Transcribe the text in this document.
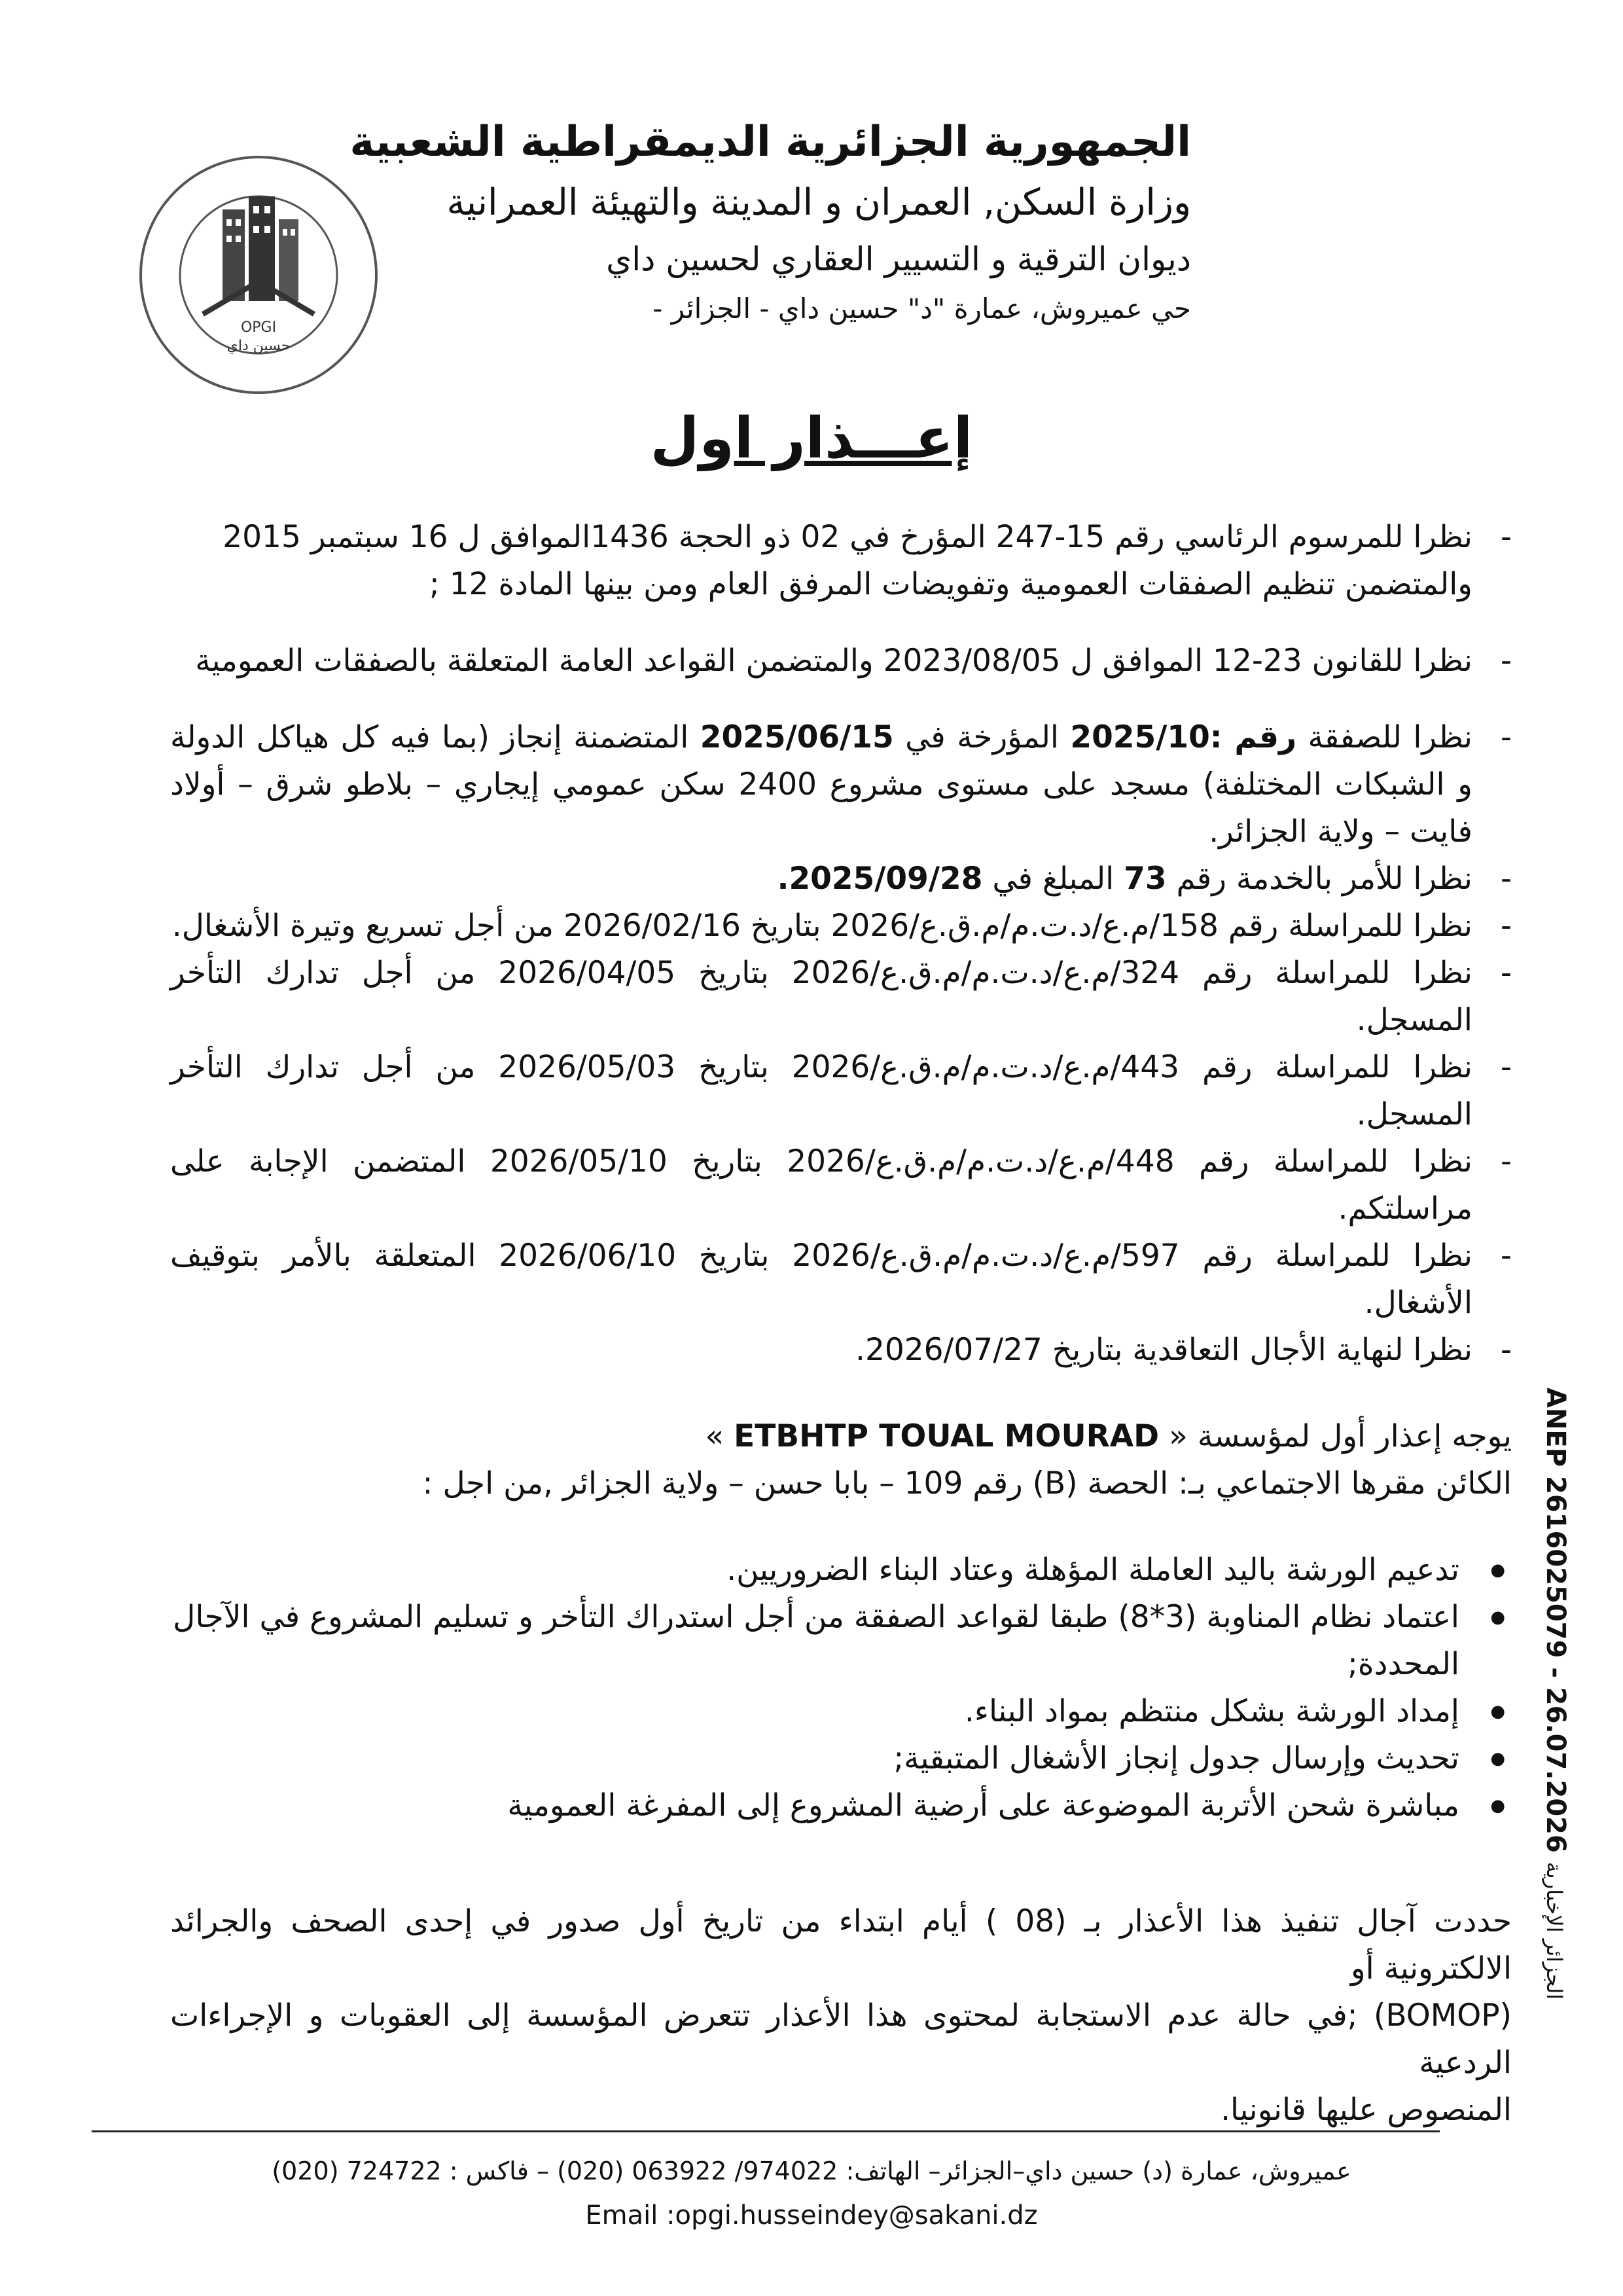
OPGI
حسين داي

الجمهورية الجزائرية الديمقراطية الشعبية

وزارة السكن, العمران و المدينة والتهيئة العمرانية

ديوان الترقية و التسيير العقاري لحسين داي

حي عميروش، عمارة "د" حسين داي - الجزائر -

إعـــذار اول

- نظرا للمرسوم الرئاسي رقم 15-247 المؤرخ في 02 ذو الحجة 1436الموافق ل 16 سبتمبر 2015
والمتضمن تنظيم الصفقات العمومية وتفويضات المرفق العام ومن بينها المادة 12 ;

- نظرا للقانون 23-12 الموافق ل 2023/08/05 والمتضمن القواعد العامة المتعلقة بالصفقات العمومية

- نظرا للصفقة رقم :2025/10 المؤرخة في 2025/06/15 المتضمنة إنجاز (بما فيه كل هياكل الدولة و الشبكات المختلفة) مسجد على مستوى مشروع 2400 سكن عمومي إيجاري – بلاطو شرق – أولاد فايت – ولاية الجزائر.

- نظرا للأمر بالخدمة رقم 73 المبلغ في 2025/09/28.

- نظرا للمراسلة رقم 158/م.ع/د.ت.م/م.ق.ع/2026 بتاريخ 2026/02/16 من أجل تسريع وتيرة الأشغال.

- نظرا للمراسلة رقم 324/م.ع/د.ت.م/م.ق.ع/2026 بتاريخ 2026/04/05 من أجل تدارك التأخر المسجل.

- نظرا للمراسلة رقم 443/م.ع/د.ت.م/م.ق.ع/2026 بتاريخ 2026/05/03 من أجل تدارك التأخر المسجل.

- نظرا للمراسلة رقم 448/م.ع/د.ت.م/م.ق.ع/2026 بتاريخ 2026/05/10 المتضمن الإجابة على مراسلتكم.

- نظرا للمراسلة رقم 597/م.ع/د.ت.م/م.ق.ع/2026 بتاريخ 2026/06/10 المتعلقة بالأمر بتوقيف الأشغال.

- نظرا لنهاية الأجال التعاقدية بتاريخ 2026/07/27.

يوجه إعذار أول لمؤسسة « ETBHTP TOUAL MOURAD »

الكائن مقرها الاجتماعي بـ: الحصة (B) رقم 109 – بابا حسن – ولاية الجزائر ,من اجل :

● تدعيم الورشة باليد العاملة المؤهلة وعتاد البناء الضروريين.

● اعتماد نظام المناوبة (3*8) طبقا لقواعد الصفقة من أجل استدراك التأخر و تسليم المشروع في الآجال المحددة;

● إمداد الورشة بشكل منتظم بمواد البناء.

● تحديث وإرسال جدول إنجاز الأشغال المتبقية;

● مباشرة شحن الأتربة الموضوعة على أرضية المشروع إلى المفرغة العمومية

حددت آجال تنفيذ هذا الأعذار بـ (08 ) أيام ابتداء من تاريخ أول صدور في إحدى الصحف والجرائد الالكترونية أو

(BOMOP) ;في حالة عدم الاستجابة لمحتوى هذا الأعذار تتعرض المؤسسة إلى العقوبات و الإجراءات الردعية

المنصوص عليها قانونيا.

ANEP 2616025079 - 26.07.2026 الجزائر الإخبارية
عميروش، عمارة (د) حسين داي–الجزائر– الهاتف: 974022/ 063922 (020) – فاكس : 724722 (020)
Email :opgi.husseindey@sakani.dz
